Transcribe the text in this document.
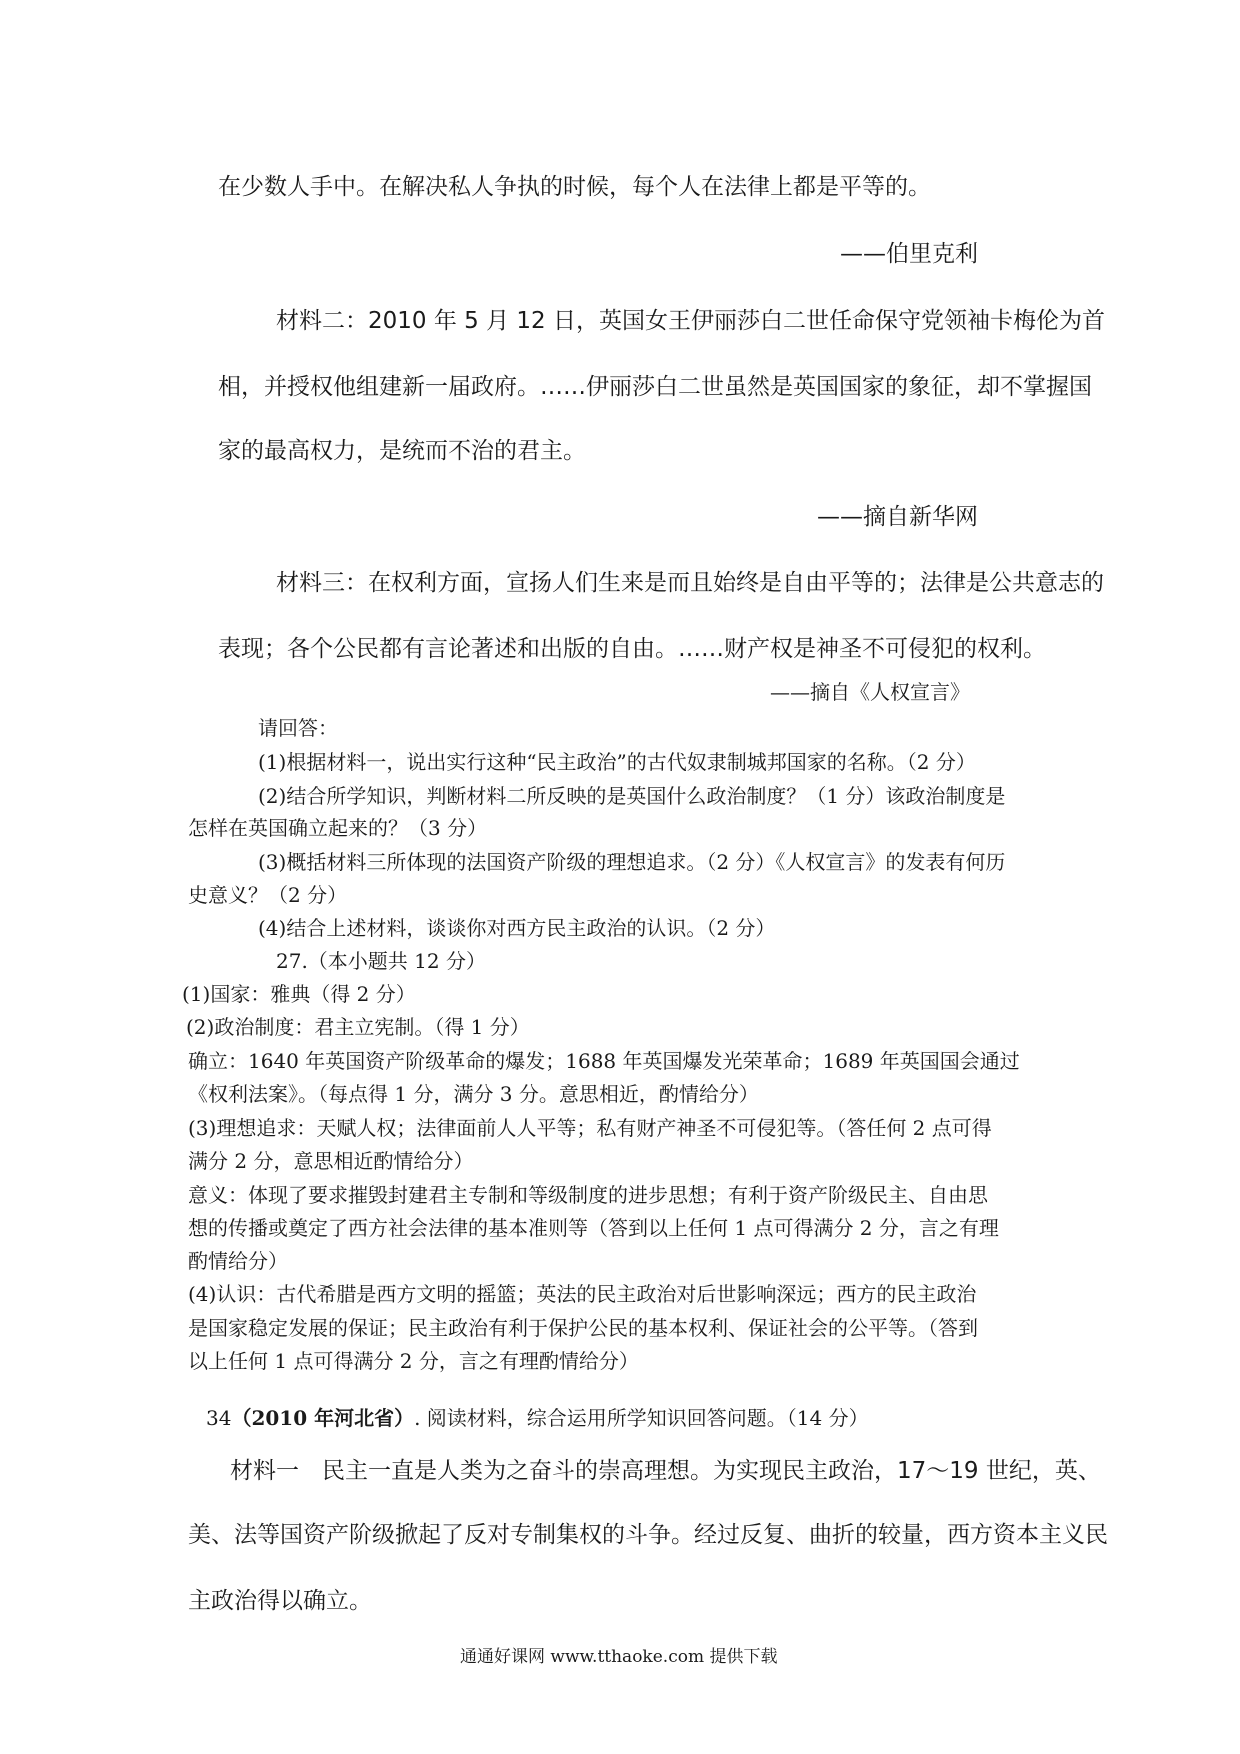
在少数人手中。在解决私人争执的时候，每个人在法律上都是平等的。
——伯里克利
材料二：2010 年 5 月 12 日，英国女王伊丽莎白二世任命保守党领袖卡梅伦为首
相，并授权他组建新一届政府。……伊丽莎白二世虽然是英国国家的象征，却不掌握国
家的最高权力，是统而不治的君主。
——摘自新华网
材料三：在权利方面，宣扬人们生来是而且始终是自由平等的；法律是公共意志的
表现；各个公民都有言论著述和出版的自由。……财产权是神圣不可侵犯的权利。
——摘自《人权宣言》
请回答：
(1)根据材料一，说出实行这种“民主政治”的古代奴隶制城邦国家的名称。（2 分）
(2)结合所学知识，判断材料二所反映的是英国什么政治制度？（1 分）该政治制度是
怎样在英国确立起来的？（3 分）
(3)概括材料三所体现的法国资产阶级的理想追求。（2 分）《人权宣言》的发表有何历
史意义？（2 分）
(4)结合上述材料，谈谈你对西方民主政治的认识。（2 分）
27.（本小题共 12 分）
(1)国家：雅典（得 2 分）
(2)政治制度：君主立宪制。（得 1 分）
确立：1640 年英国资产阶级革命的爆发；1688 年英国爆发光荣革命；1689 年英国国会通过
《权利法案》。（每点得 1 分，满分 3 分。意思相近，酌情给分）
(3)理想追求：天赋人权；法律面前人人平等；私有财产神圣不可侵犯等。（答任何 2 点可得
满分 2 分，意思相近酌情给分）
意义：体现了要求摧毁封建君主专制和等级制度的进步思想；有利于资产阶级民主、自由思
想的传播或奠定了西方社会法律的基本准则等（答到以上任何 1 点可得满分 2 分，言之有理
酌情给分）
(4)认识：古代希腊是西方文明的摇篮；英法的民主政治对后世影响深远；西方的民主政治
是国家稳定发展的保证；民主政治有利于保护公民的基本权利、保证社会的公平等。（答到
以上任何 1 点可得满分 2 分，言之有理酌情给分）
34（2010 年河北省）. 阅读材料，综合运用所学知识回答问题。（14 分）
材料一　民主一直是人类为之奋斗的崇高理想。为实现民主政治，17～19 世纪，英、
美、法等国资产阶级掀起了反对专制集权的斗争。经过反复、曲折的较量，西方资本主义民
主政治得以确立。
通通好课网 www.tthaoke.com 提供下载
